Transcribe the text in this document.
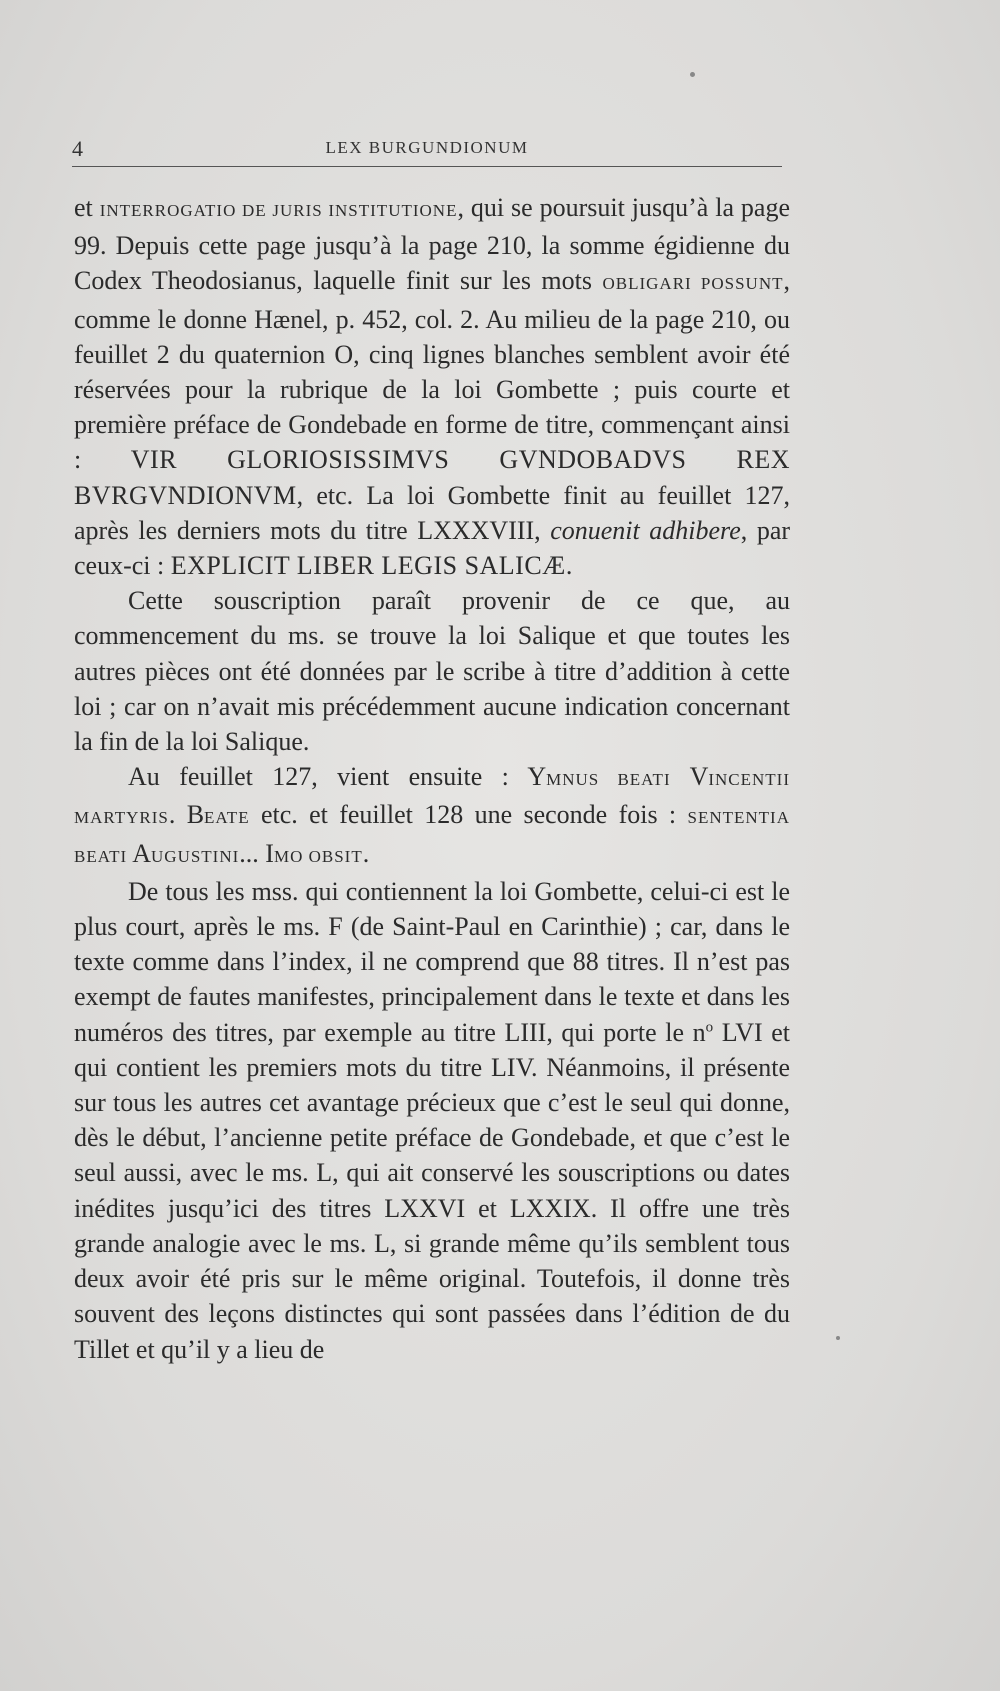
4	LEX BURGUNDIONUM

et INTERROGATIO DE JURIS INSTITUTIONE, qui se poursuit jusqu’à la page 99. Depuis cette page jusqu’à la page 210, la somme égidienne du Codex Theodosianus, laquelle finit sur les mots OBLIGARI POSSUNT, comme le donne Hænel, p. 452, col. 2. Au milieu de la page 210, ou feuillet 2 du quaternion O, cinq lignes blanches semblent avoir été réservées pour la rubrique de la loi Gombette ; puis courte et première préface de Gondebade en forme de titre, commençant ainsi : VIR GLORIOSISSIMVS GVNDOBADVS REX BVRGVNDIONVM, etc. La loi Gombette finit au feuillet 127, après les derniers mots du titre LXXXVIII, conuenit adhibere, par ceux-ci : EXPLICIT LIBER LEGIS SALICÆ.

Cette souscription paraît provenir de ce que, au commencement du ms. se trouve la loi Salique et que toutes les autres pièces ont été données par le scribe à titre d’addition à cette loi ; car on n’avait mis précédemment aucune indication concernant la fin de la loi Salique.

Au feuillet 127, vient ensuite : YMNUS BEATI VINCENTII MARTYRIS. BEATE etc. et feuillet 128 une seconde fois : SENTENTIA BEATI AUGUSTINI... IMO OBSIT.

De tous les mss. qui contiennent la loi Gombette, celui-ci est le plus court, après le ms. F (de Saint-Paul en Carinthie) ; car, dans le texte comme dans l’index, il ne comprend que 88 titres. Il n’est pas exempt de fautes manifestes, principalement dans le texte et dans les numéros des titres, par exemple au titre LIII, qui porte le $n^o$ LVI et qui contient les premiers mots du titre LIV. Néanmoins, il présente sur tous les autres cet avantage précieux que c’est le seul qui donne, dès le début, l’ancienne petite préface de Gondebade, et que c’est le seul aussi, avec le ms. L, qui ait conservé les souscriptions ou dates inédites jusqu’ici des titres LXXVI et LXXIX. Il offre une très grande analogie avec le ms. L, si grande même qu’ils semblent tous deux avoir été pris sur le même original. Toutefois, il donne très souvent des leçons distinctes qui sont passées dans l’édition de du Tillet et qu’il y a lieu de
